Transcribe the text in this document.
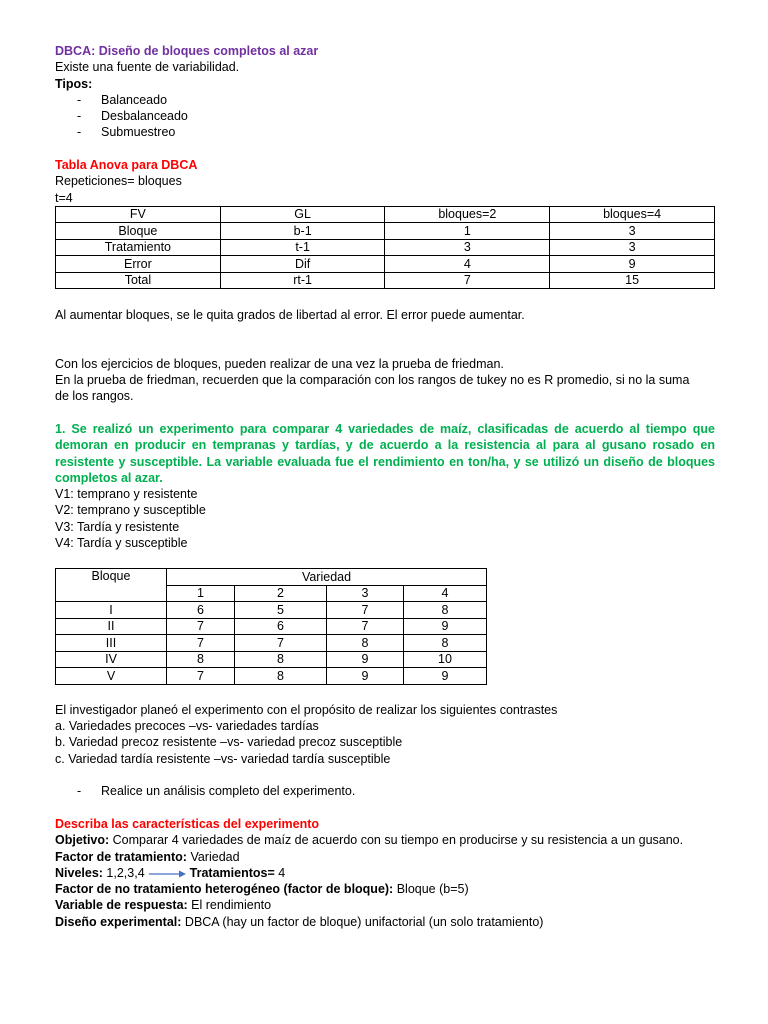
DBCA: Diseño de bloques completos al azar
Existe una fuente de variabilidad.
Tipos:
- Balanceado
- Desbalanceado
- Submuestreo
Tabla Anova para DBCA
Repeticiones= bloques
t=4
FV	GL	bloques=2	bloques=4
Bloque	b-1	1	3
Tratamiento	t-1	3	3
Error	Dif	4	9
Total	rt-1	7	15
Al aumentar bloques, se le quita grados de libertad al error. El error puede aumentar.
Con los ejercicios de bloques, pueden realizar de una vez la prueba de friedman.
En la prueba de friedman, recuerden que la comparación con los rangos de tukey no es R promedio, si no la suma
de los rangos.
1. Se realizó un experimento para comparar 4 variedades de maíz, clasificadas de acuerdo al tiempo que
demoran en producir en tempranas y tardías, y de acuerdo a la resistencia al para al gusano rosado en
resistente y susceptible. La variable evaluada fue el rendimiento en ton/ha, y se utilizó un diseño de bloques
completos al azar.
V1: temprano y resistente
V2: temprano y susceptible
V3: Tardía y resistente
V4: Tardía y susceptible
Bloque	Variedad			
	1	2	3	4
I	6	5	7	8
II	7	6	7	9
III	7	7	8	8
IV	8	8	9	10
V	7	8	9	9
El investigador planeó el experimento con el propósito de realizar los siguientes contrastes
a. Variedades precoces –vs- variedades tardías
b. Variedad precoz resistente –vs- variedad precoz susceptible
c. Variedad tardía resistente –vs- variedad tardía susceptible
- Realice un análisis completo del experimento.
Describa las características del experimento
Objetivo: Comparar 4 variedades de maíz de acuerdo con su tiempo en producirse y su resistencia a un gusano.
Factor de tratamiento: Variedad
Niveles: 1,2,3,4	Tratamientos= 4
Factor de no tratamiento heterogéneo (factor de bloque): Bloque (b=5)
Variable de respuesta: El rendimiento
Diseño experimental: DBCA (hay un factor de bloque) unifactorial (un solo tratamiento)
